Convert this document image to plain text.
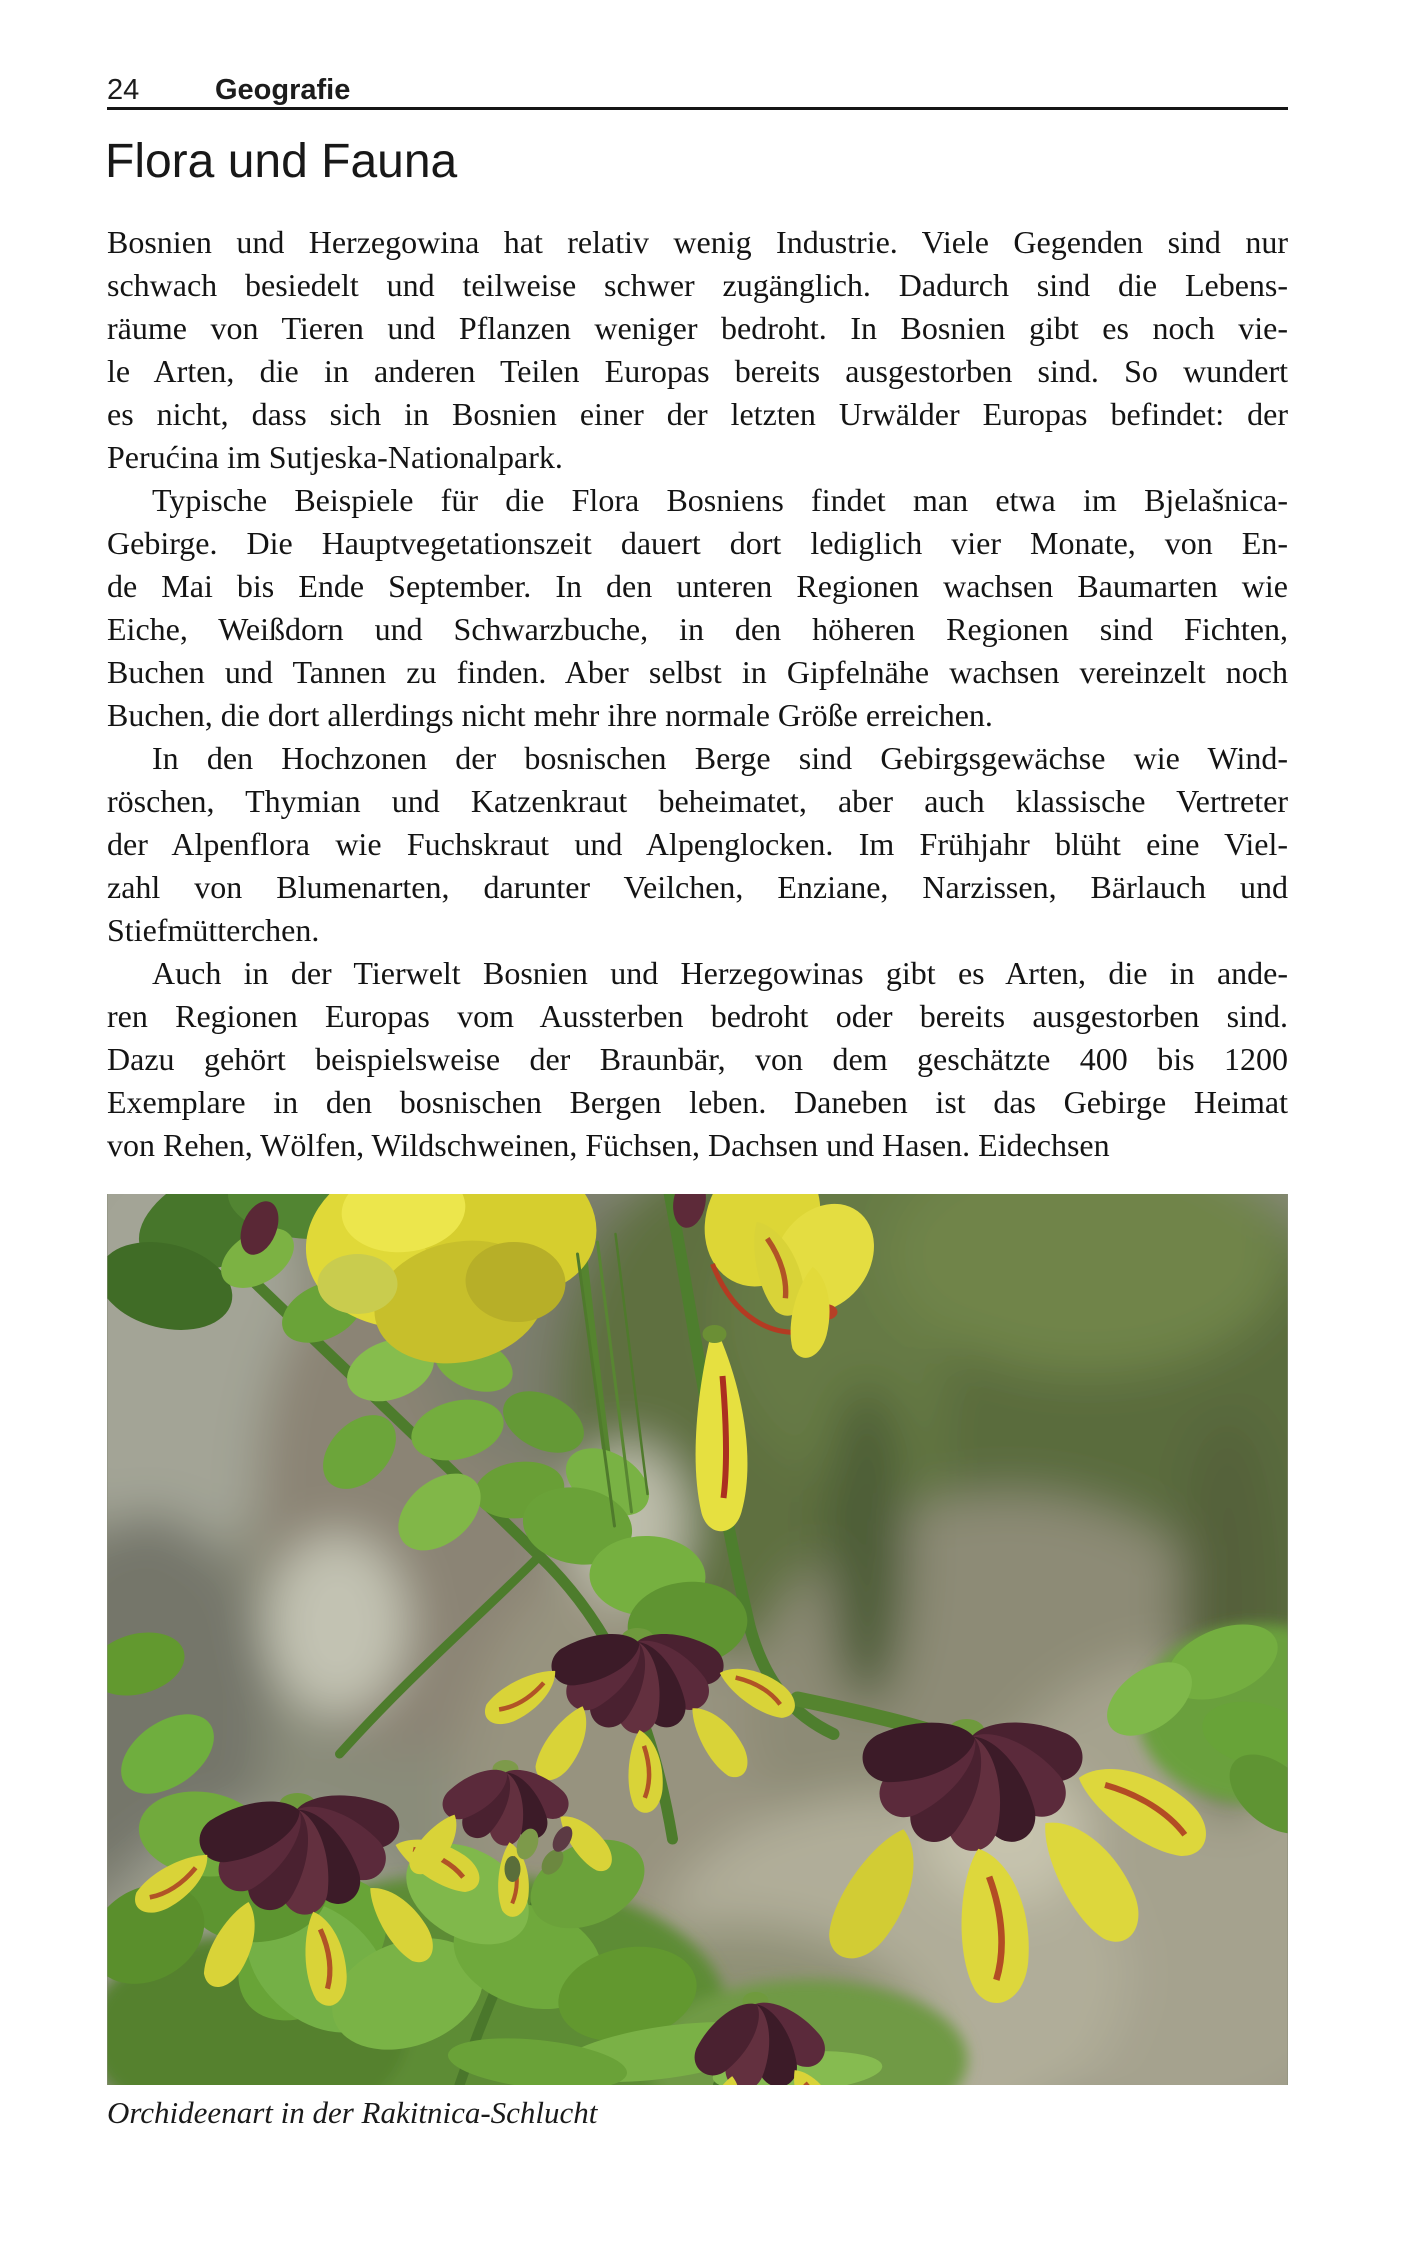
24	Geografie
Flora und Fauna
Bosnien und Herzegowina hat relativ wenig Industrie. Viele Gegenden sind nur
schwach besiedelt und teilweise schwer zugänglich. Dadurch sind die Lebens-
räume von Tieren und Pflanzen weniger bedroht. In Bosnien gibt es noch vie-
le Arten, die in anderen Teilen Europas bereits ausgestorben sind. So wundert
es nicht, dass sich in Bosnien einer der letzten Urwälder Europas befindet: der
Perućina im Sutjeska-Nationalpark.
Typische Beispiele für die Flora Bosniens findet man etwa im Bjelašnica-
Gebirge. Die Hauptvegetationszeit dauert dort lediglich vier Monate, von En-
de Mai bis Ende September. In den unteren Regionen wachsen Baumarten wie
Eiche, Weißdorn und Schwarzbuche, in den höheren Regionen sind Fichten,
Buchen und Tannen zu finden. Aber selbst in Gipfelnähe wachsen vereinzelt noch
Buchen, die dort allerdings nicht mehr ihre normale Größe erreichen.
In den Hochzonen der bosnischen Berge sind Gebirgsgewächse wie Wind-
röschen, Thymian und Katzenkraut beheimatet, aber auch klassische Vertreter
der Alpenflora wie Fuchskraut und Alpenglocken. Im Frühjahr blüht eine Viel-
zahl von Blumenarten, darunter Veilchen, Enziane, Narzissen, Bärlauch und
Stiefmütterchen.
Auch in der Tierwelt Bosnien und Herzegowinas gibt es Arten, die in ande-
ren Regionen Europas vom Aussterben bedroht oder bereits ausgestorben sind.
Dazu gehört beispielsweise der Braunbär, von dem geschätzte 400 bis 1200
Exemplare in den bosnischen Bergen leben. Daneben ist das Gebirge Heimat
von Rehen, Wölfen, Wildschweinen, Füchsen, Dachsen und Hasen. Eidechsen
Orchideenart in der Rakitnica-Schlucht
